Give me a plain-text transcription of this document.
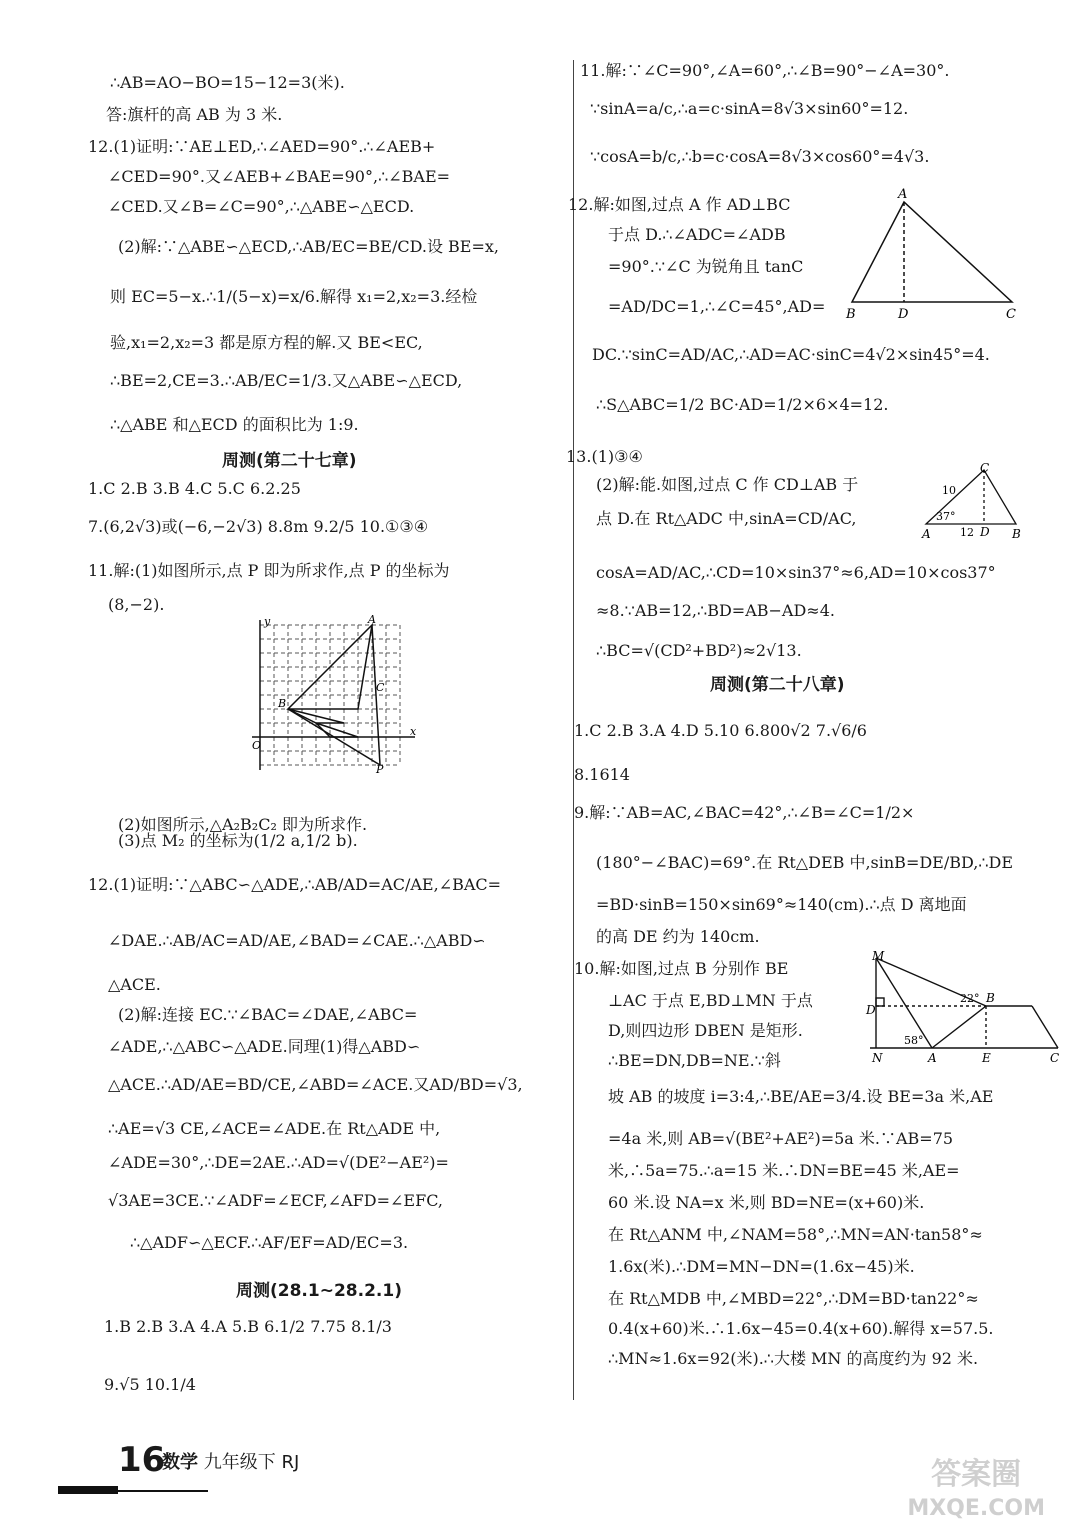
∴AB=AO−BO=15−12=3(米).
答:旗杆的高 AB 为 3 米.
12.(1)证明:∵AE⊥ED,∴∠AED=90°.∴∠AEB+
∠CED=90°.又∠AEB+∠BAE=90°,∴∠BAE=
∠CED.又∠B=∠C=90°,∴△ABE∽△ECD.
(2)解:∵△ABE∽△ECD,∴AB/EC=BE/CD.设 BE=x,
则 EC=5−x.∴1/(5−x)=x/6.解得 x₁=2,x₂=3.经检
验,x₁=2,x₂=3 都是原方程的解.又 BE<EC,
∴BE=2,CE=3.∴AB/EC=1/3.又△ABE∽△ECD,
∴△ABE 和△ECD 的面积比为 1:9.
周测(第二十七章)
1.C 2.B 3.B 4.C 5.C 6.2.25
7.(6,2√3)或(−6,−2√3) 8.8m 9.2/5 10.①③④
11.解:(1)如图所示,点 P 即为所求作,点 P 的坐标为
(8,−2).
A
B
C
O
x
y
P
(2)如图所示,△A₂B₂C₂ 即为所求作.
(3)点 M₂ 的坐标为(1/2 a,1/2 b).
12.(1)证明:∵△ABC∽△ADE,∴AB/AD=AC/AE,∠BAC=
∠DAE.∴AB/AC=AD/AE,∠BAD=∠CAE.∴△ABD∽
△ACE.
(2)解:连接 EC.∵∠BAC=∠DAE,∠ABC=
∠ADE,∴△ABC∽△ADE.同理(1)得△ABD∽
△ACE.∴AD/AE=BD/CE,∠ABD=∠ACE.又AD/BD=√3,
∴AE=√3 CE,∠ACE=∠ADE.在 Rt△ADE 中,
∠ADE=30°,∴DE=2AE.∴AD=√(DE²−AE²)=
√3AE=3CE.∵∠ADF=∠ECF,∠AFD=∠EFC,
∴△ADF∽△ECF.∴AF/EF=AD/EC=3.
周测(28.1~28.2.1)
1.B 2.B 3.A 4.A 5.B 6.1/2 7.75 8.1/3
9.√5 10.1/4
11.解:∵∠C=90°,∠A=60°,∴∠B=90°−∠A=30°.
∵sinA=a/c,∴a=c·sinA=8√3×sin60°=12.
∵cosA=b/c,∴b=c·cosA=8√3×cos60°=4√3.
12.解:如图,过点 A 作 AD⊥BC
于点 D.∴∠ADC=∠ADB
=90°.∵∠C 为锐角且 tanC
=AD/DC=1,∴∠C=45°,AD=
DC.∵sinC=AD/AC,∴AD=AC·sinC=4√2×sin45°=4.
∴S△ABC=1/2 BC·AD=1/2×6×4=12.
A
B	D	C
13.(1)③④
(2)解:能.如图,过点 C 作 CD⊥AB 于
点 D.在 Rt△ADC 中,sinA=CD/AC,
cosA=AD/AC,∴CD=10×sin37°≈6,AD=10×cos37°
≈8.∵AB=12,∴BD=AB−AD≈4.
∴BC=√(CD²+BD²)≈2√13.
C
10
37°
A	12 D B
周测(第二十八章)
1.C 2.B 3.A 4.D 5.10 6.800√2 7.√6/6
8.1614
9.解:∵AB=AC,∠BAC=42°,∴∠B=∠C=1/2×
(180°−∠BAC)=69°.在 Rt△DEB 中,sinB=DE/BD,∴DE
=BD·sinB=150×sin69°≈140(cm).∴点 D 离地面
的高 DE 约为 140cm.
10.解:如图,过点 B 分别作 BE
⊥AC 于点 E,BD⊥MN 于点
D,则四边形 DBEN 是矩形.
∴BE=DN,DB=NE.∵斜
坡 AB 的坡度 i=3:4,∴BE/AE=3/4.设 BE=3a 米,AE
=4a 米,则 AB=√(BE²+AE²)=5a 米.∵AB=75
米,∴5a=75.∴a=15 米.∴DN=BE=45 米,AE=
60 米.设 NA=x 米,则 BD=NE=(x+60)米.
在 Rt△ANM 中,∠NAM=58°,∴MN=AN·tan58°≈
1.6x(米).∴DM=MN−DN=(1.6x−45)米.
在 Rt△MDB 中,∠MBD=22°,∴DM=BD·tan22°≈
0.4(x+60)米.∴1.6x−45=0.4(x+60).解得 x=57.5.
∴MN≈1.6x=92(米).∴大楼 MN 的高度约为 92 米.
M
D
B
22°
58°
N	A	E	C
16
数学 九年级下 RJ	答案圈
MXQE.COM
